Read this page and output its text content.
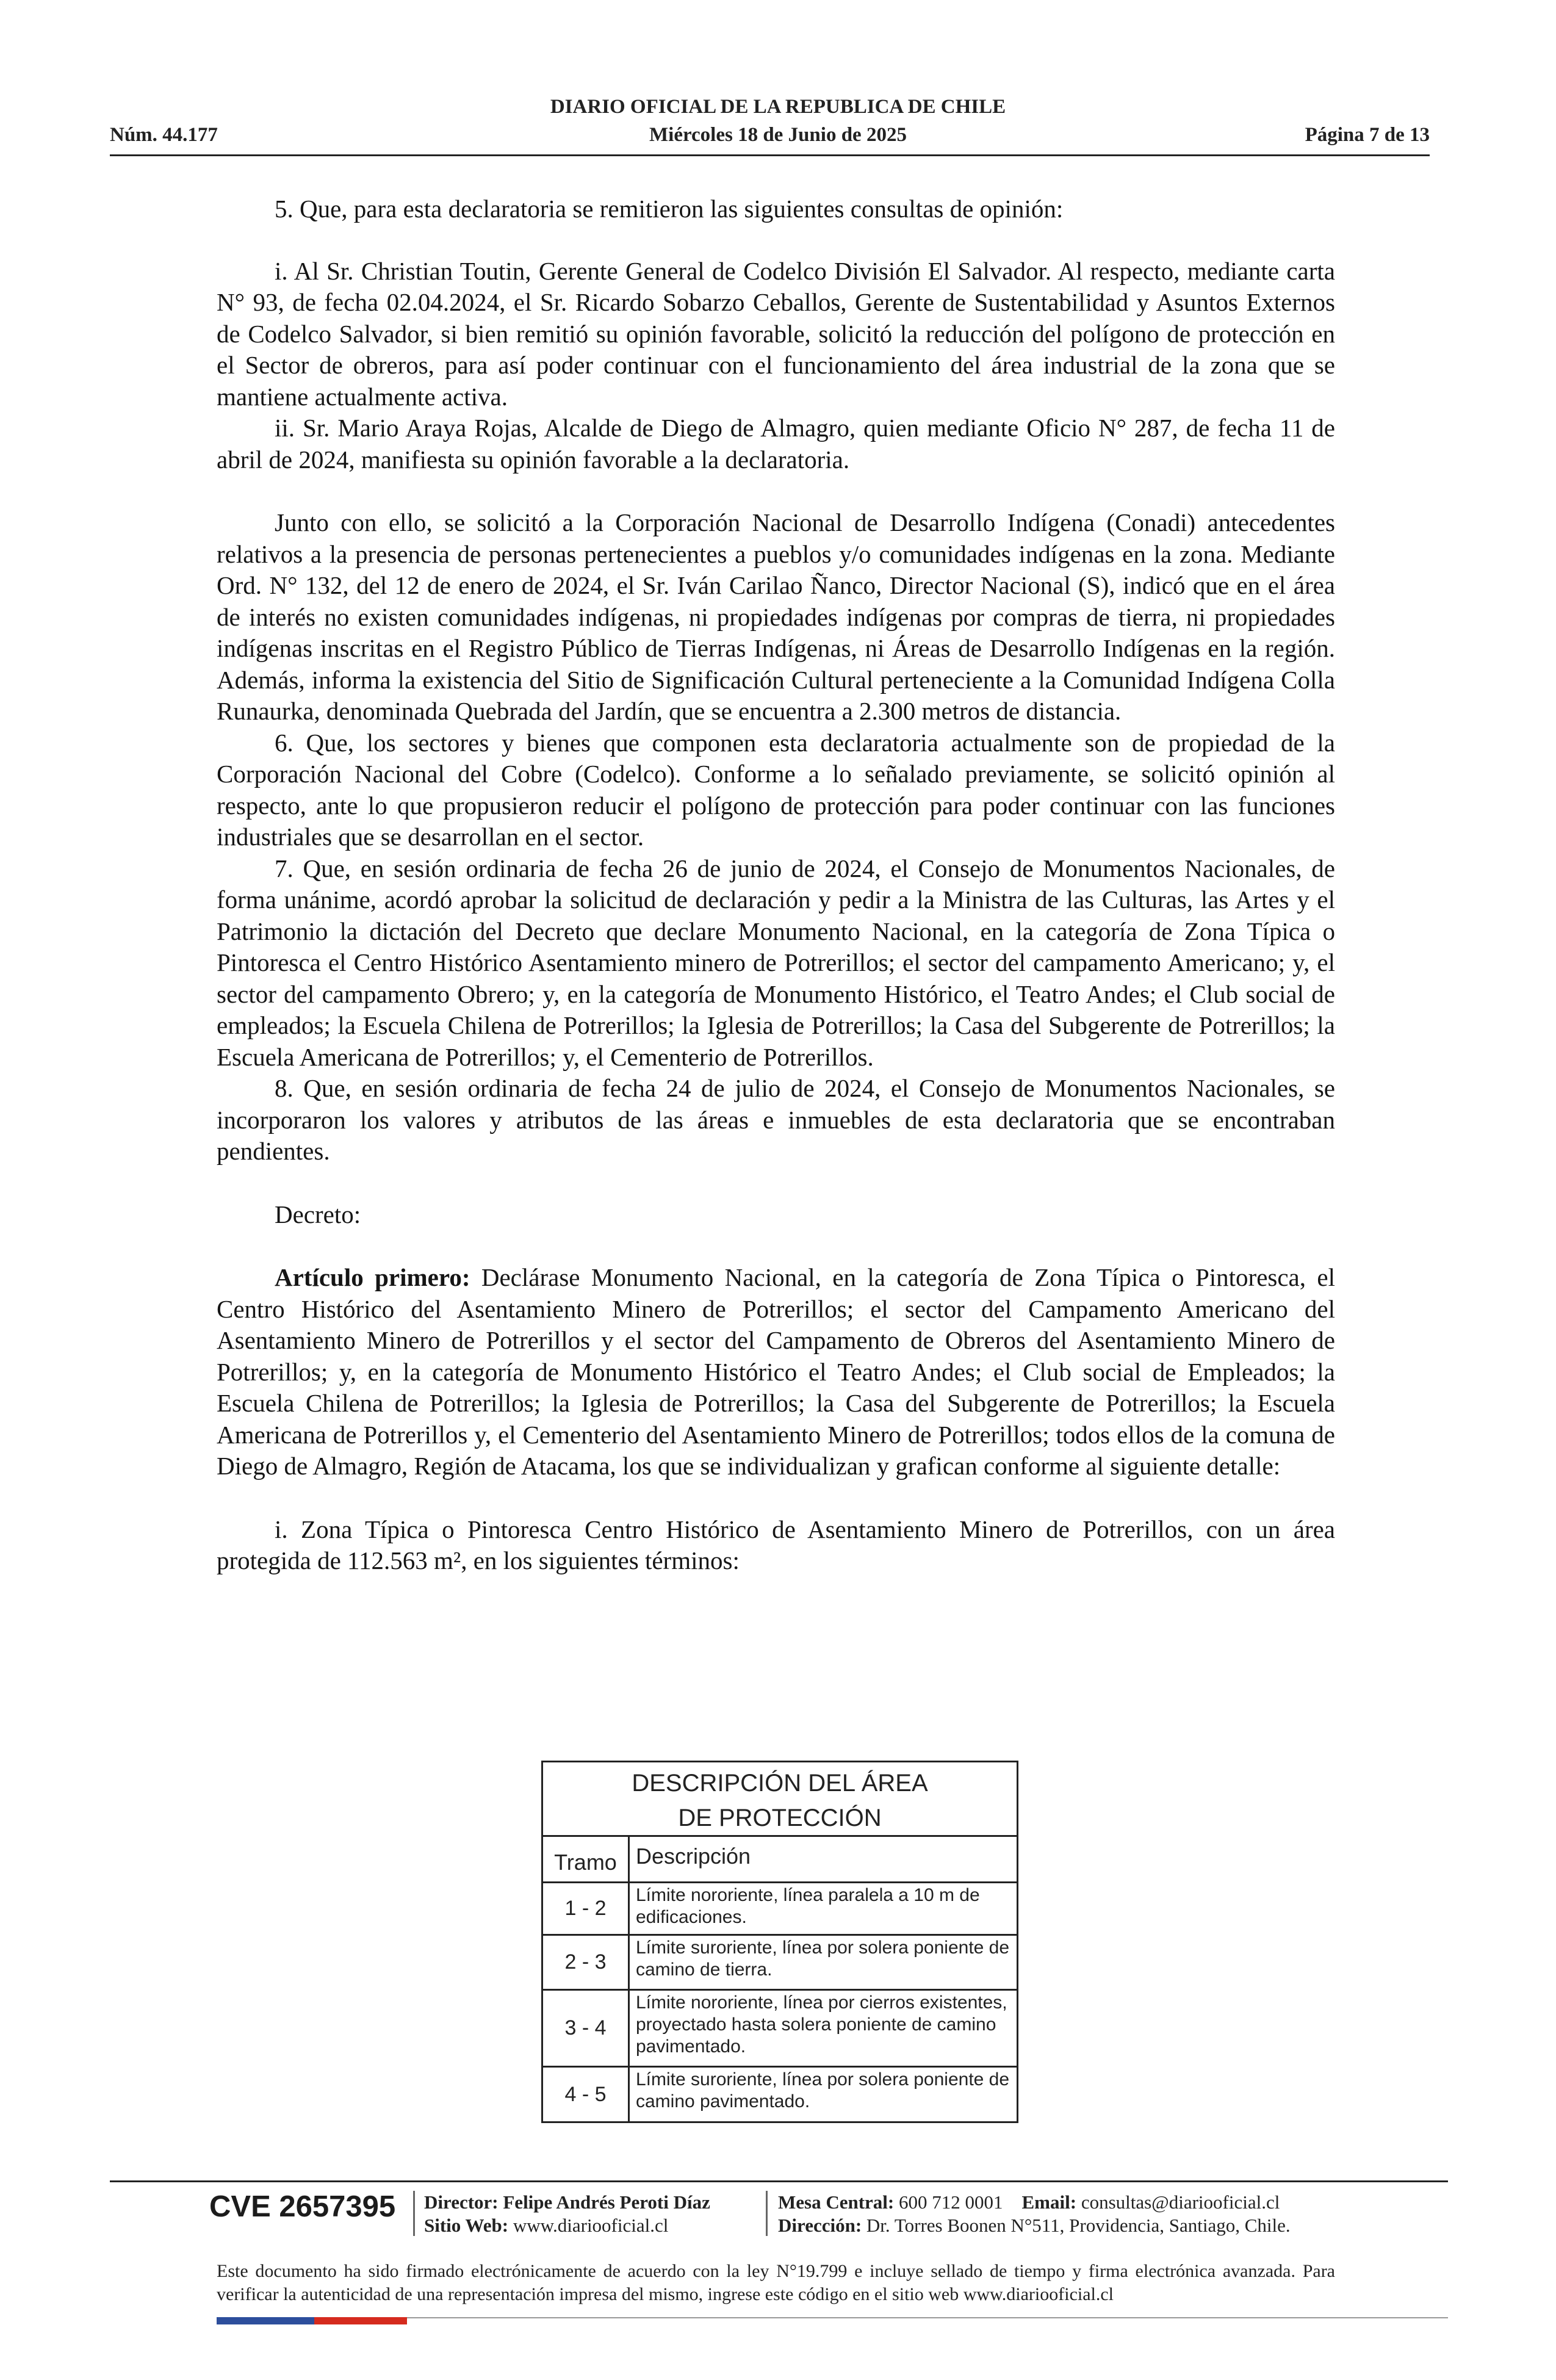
Núm. 44.177
DIARIO OFICIAL DE LA REPUBLICA DE CHILE
Miércoles 18 de Junio de 2025	Página 7 de 13

5. Que, para esta declaratoria se remitieron las siguientes consultas de opinión:

i. Al Sr. Christian Toutin, Gerente General de Codelco División El Salvador. Al respecto, mediante carta N° 93, de fecha 02.04.2024, el Sr. Ricardo Sobarzo Ceballos, Gerente de Sustentabilidad y Asuntos Externos de Codelco Salvador, si bien remitió su opinión favorable, solicitó la reducción del polígono de protección en el Sector de obreros, para así poder continuar con el funcionamiento del área industrial de la zona que se mantiene actualmente activa.

ii. Sr. Mario Araya Rojas, Alcalde de Diego de Almagro, quien mediante Oficio N° 287, de fecha 11 de abril de 2024, manifiesta su opinión favorable a la declaratoria.

Junto con ello, se solicitó a la Corporación Nacional de Desarrollo Indígena (Conadi) antecedentes relativos a la presencia de personas pertenecientes a pueblos y/o comunidades indígenas en la zona. Mediante Ord. N° 132, del 12 de enero de 2024, el Sr. Iván Carilao Ñanco, Director Nacional (S), indicó que en el área de interés no existen comunidades indígenas, ni propiedades indígenas por compras de tierra, ni propiedades indígenas inscritas en el Registro Público de Tierras Indígenas, ni Áreas de Desarrollo Indígenas en la región. Además, informa la existencia del Sitio de Significación Cultural perteneciente a la Comunidad Indígena Colla Runaurka, denominada Quebrada del Jardín, que se encuentra a 2.300 metros de distancia.

6. Que, los sectores y bienes que componen esta declaratoria actualmente son de propiedad de la Corporación Nacional del Cobre (Codelco). Conforme a lo señalado previamente, se solicitó opinión al respecto, ante lo que propusieron reducir el polígono de protección para poder continuar con las funciones industriales que se desarrollan en el sector.

7. Que, en sesión ordinaria de fecha 26 de junio de 2024, el Consejo de Monumentos Nacionales, de forma unánime, acordó aprobar la solicitud de declaración y pedir a la Ministra de las Culturas, las Artes y el Patrimonio la dictación del Decreto que declare Monumento Nacional, en la categoría de Zona Típica o Pintoresca el Centro Histórico Asentamiento minero de Potrerillos; el sector del campamento Americano; y, el sector del campamento Obrero; y, en la categoría de Monumento Histórico, el Teatro Andes; el Club social de empleados; la Escuela Chilena de Potrerillos; la Iglesia de Potrerillos; la Casa del Subgerente de Potrerillos; la Escuela Americana de Potrerillos; y, el Cementerio de Potrerillos.

8. Que, en sesión ordinaria de fecha 24 de julio de 2024, el Consejo de Monumentos Nacionales, se incorporaron los valores y atributos de las áreas e inmuebles de esta declaratoria que se encontraban pendientes.

Decreto:

Artículo primero: Declárase Monumento Nacional, en la categoría de Zona Típica o Pintoresca, el Centro Histórico del Asentamiento Minero de Potrerillos; el sector del Campamento Americano del Asentamiento Minero de Potrerillos y el sector del Campamento de Obreros del Asentamiento Minero de Potrerillos; y, en la categoría de Monumento Histórico el Teatro Andes; el Club social de Empleados; la Escuela Chilena de Potrerillos; la Iglesia de Potrerillos; la Casa del Subgerente de Potrerillos; la Escuela Americana de Potrerillos y, el Cementerio del Asentamiento Minero de Potrerillos; todos ellos de la comuna de Diego de Almagro, Región de Atacama, los que se individualizan y grafican conforme al siguiente detalle:

i. Zona Típica o Pintoresca Centro Histórico de Asentamiento Minero de Potrerillos, con un área protegida de 112.563 m², en los siguientes términos:

DESCRIPCIÓN DEL ÁREA
DE PROTECCIÓN
Tramo Descripción
1 - 2
Límite nororiente, línea paralela a 10 m de edificaciones.
2 - 3
Límite suroriente, línea por solera poniente de camino de tierra.
3 - 4
Límite nororiente, línea por cierros existentes, proyectado hasta solera poniente de camino pavimentado.
4 - 5
Límite suroriente, línea por solera poniente de camino pavimentado.
CVE 2657395 Director: Felipe Andrés Peroti Díaz
Sitio Web: www.diariooficial.cl
Mesa Central: 600 712 0001 Email: consultas@diariooficial.cl
Dirección: Dr. Torres Boonen N°511, Providencia, Santiago, Chile.
Este documento ha sido firmado electrónicamente de acuerdo con la ley N°19.799 e incluye sellado de tiempo y firma electrónica avanzada. Para verificar la autenticidad de una representación impresa del mismo, ingrese este código en el sitio web www.diariooficial.cl
